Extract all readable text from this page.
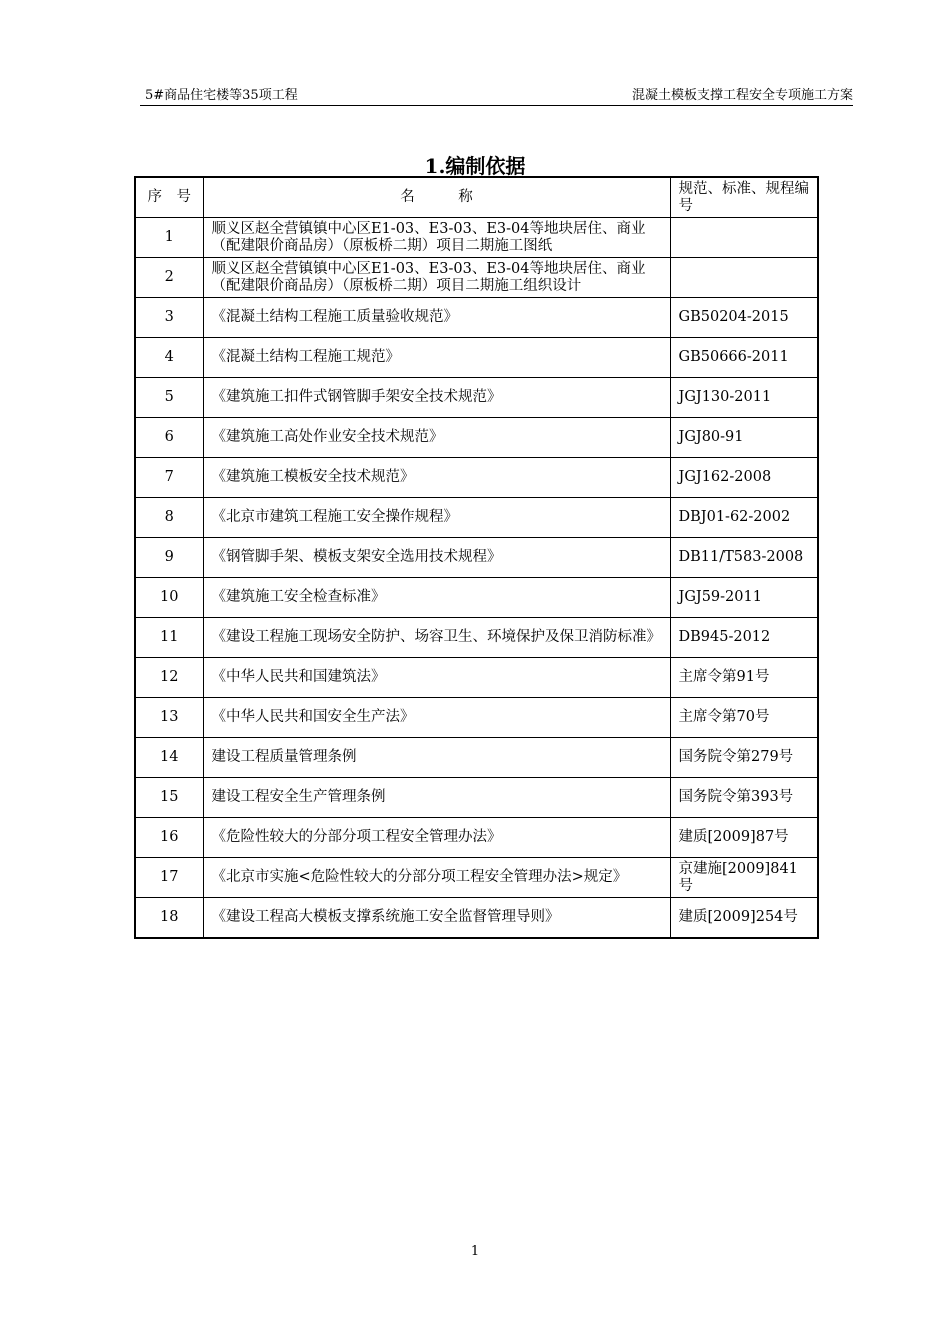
5#商品住宅楼等35项工程	混凝土模板支撑工程安全专项施工方案
1.编制依据
序　号	名　　　称	规范、标准、规程编号
1	顺义区赵全营镇镇中心区E1-03、E3-03、E3-04等地块居住、商业（配建限价商品房）（原板桥二期）项目二期施工图纸	
2	顺义区赵全营镇镇中心区E1-03、E3-03、E3-04等地块居住、商业（配建限价商品房）（原板桥二期）项目二期施工组织设计	
3	《混凝土结构工程施工质量验收规范》	GB50204-2015
4	《混凝土结构工程施工规范》	GB50666-2011
5	《建筑施工扣件式钢管脚手架安全技术规范》	JGJ130-2011
6	《建筑施工高处作业安全技术规范》	JGJ80-91
7	《建筑施工模板安全技术规范》	JGJ162-2008
8	《北京市建筑工程施工安全操作规程》	DBJ01-62-2002
9	《钢管脚手架、模板支架安全选用技术规程》	DB11/T583-2008
10	《建筑施工安全检查标准》	JGJ59-2011
11	《建设工程施工现场安全防护、场容卫生、环境保护及保卫消防标准》	DB945-2012
12	《中华人民共和国建筑法》	主席令第91号
13	《中华人民共和国安全生产法》	主席令第70号
14	建设工程质量管理条例	国务院令第279号
15	建设工程安全生产管理条例	国务院令第393号
16	《危险性较大的分部分项工程安全管理办法》	建质[2009]87号
17	《北京市实施<危险性较大的分部分项工程安全管理办法>规定》	京建施[2009]841号
18	《建设工程高大模板支撑系统施工安全监督管理导则》	建质[2009]254号
1
